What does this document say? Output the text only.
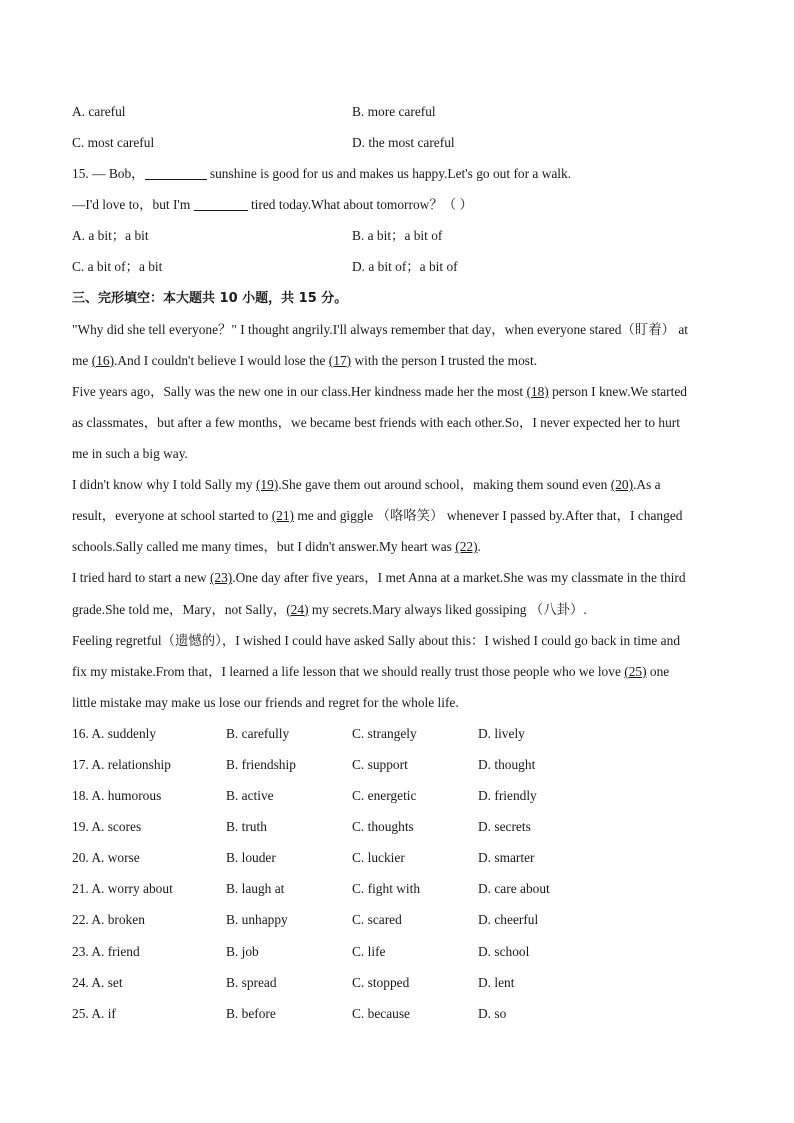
A. careful	B. more careful
C. most careful	D. the most careful
15. — Bob，	sunshine is good for us and makes us happy.Let's go out for a walk.
—I'd love to，but I'm	tired today.What about tomorrow？（ ）
A. a bit；a bit	B. a bit；a bit of
C. a bit of；a bit	D. a bit of；a bit of
三、完形填空：本大题共 10 小题，共 15 分。
"Why did she tell everyone？" I thought angrily.I'll always remember that day，when everyone stared（盯着） at
me (16).And I couldn't believe I would lose the (17) with the person I trusted the most.
Five years ago，Sally was the new one in our class.Her kindness made her the most (18) person I knew.We started
as classmates，but after a few months，we became best friends with each other.So，I never expected her to hurt
me in such a big way.
I didn't know why I told Sally my (19).She gave them out around school，making them sound even (20).As a
result，everyone at school started to (21) me and giggle （咯咯笑） whenever I passed by.After that，I changed
schools.Sally called me many times，but I didn't answer.My heart was (22).
I tried hard to start a new (23).One day after five years，I met Anna at a market.She was my classmate in the third
grade.She told me，Mary，not Sally，(24) my secrets.Mary always liked gossiping （八卦）.
Feeling regretful（遗憾的），I wished I could have asked Sally about this：I wished I could go back in time and
fix my mistake.From that，I learned a life lesson that we should really trust those people who we love (25) one
little mistake may make us lose our friends and regret for the whole life.
16. A. suddenly	B. carefully	C. strangely	D. lively
17. A. relationship	B. friendship	C. support	D. thought
18. A. humorous	B. active	C. energetic	D. friendly
19. A. scores	B. truth	C. thoughts	D. secrets
20. A. worse	B. louder	C. luckier	D. smarter
21. A. worry about	B. laugh at	C. fight with	D. care about
22. A. broken	B. unhappy	C. scared	D. cheerful
23. A. friend	B. job	C. life	D. school
24. A. set	B. spread	C. stopped	D. lent
25. A. if	B. before	C. because	D. so
